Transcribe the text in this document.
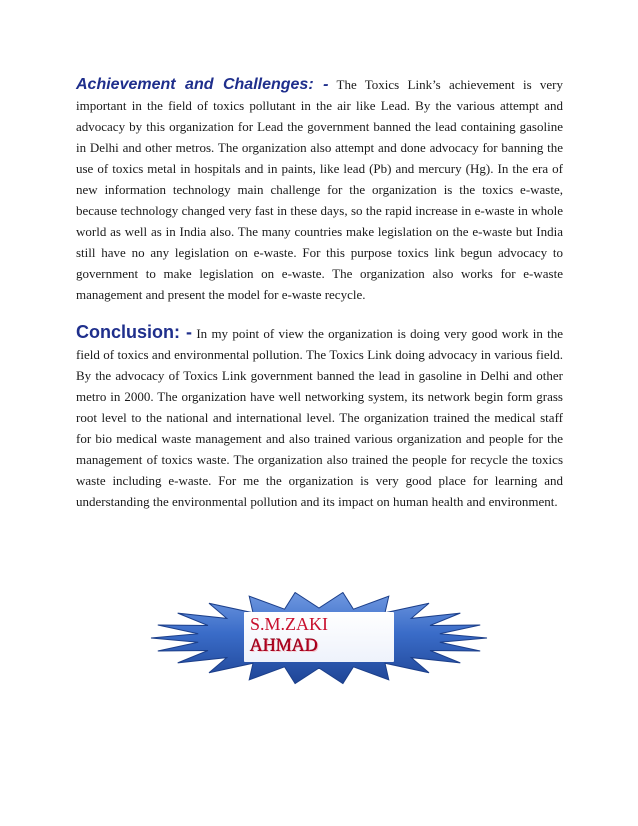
Achievement and Challenges: - The Toxics Link’s achievement is very important in the field of toxics pollutant in the air like Lead. By the various attempt and advocacy by this organization for Lead the government banned the lead containing gasoline in Delhi and other metros. The organization also attempt and done advocacy for banning the use of toxics metal in hospitals and in paints, like lead (Pb) and mercury (Hg). In the era of new information technology main challenge for the organization is the toxics e-waste, because technology changed very fast in these days, so the rapid increase in e-waste in whole world as well as in India also. The many countries make legislation on the e-waste but India still have no any legislation on e-waste. For this purpose toxics link begun advocacy to government to make legislation on e-waste. The organization also works for e-waste management and present the model for e-waste recycle.
Conclusion: - In my point of view the organization is doing very good work in the field of toxics and environmental pollution. The Toxics Link doing advocacy in various field. By the advocacy of Toxics Link government banned the lead in gasoline in Delhi and other metro in 2000. The organization have well networking system, its network begin form grass root level to the national and international level. The organization trained the medical staff for bio medical waste management and also trained various organization and people for the management of toxics waste. The organization also trained the people for recycle the toxics waste including e-waste. For me the organization is very good place for learning and understanding the environmental pollution and its impact on human health and environment.
S.M.ZAKI
AHMAD
